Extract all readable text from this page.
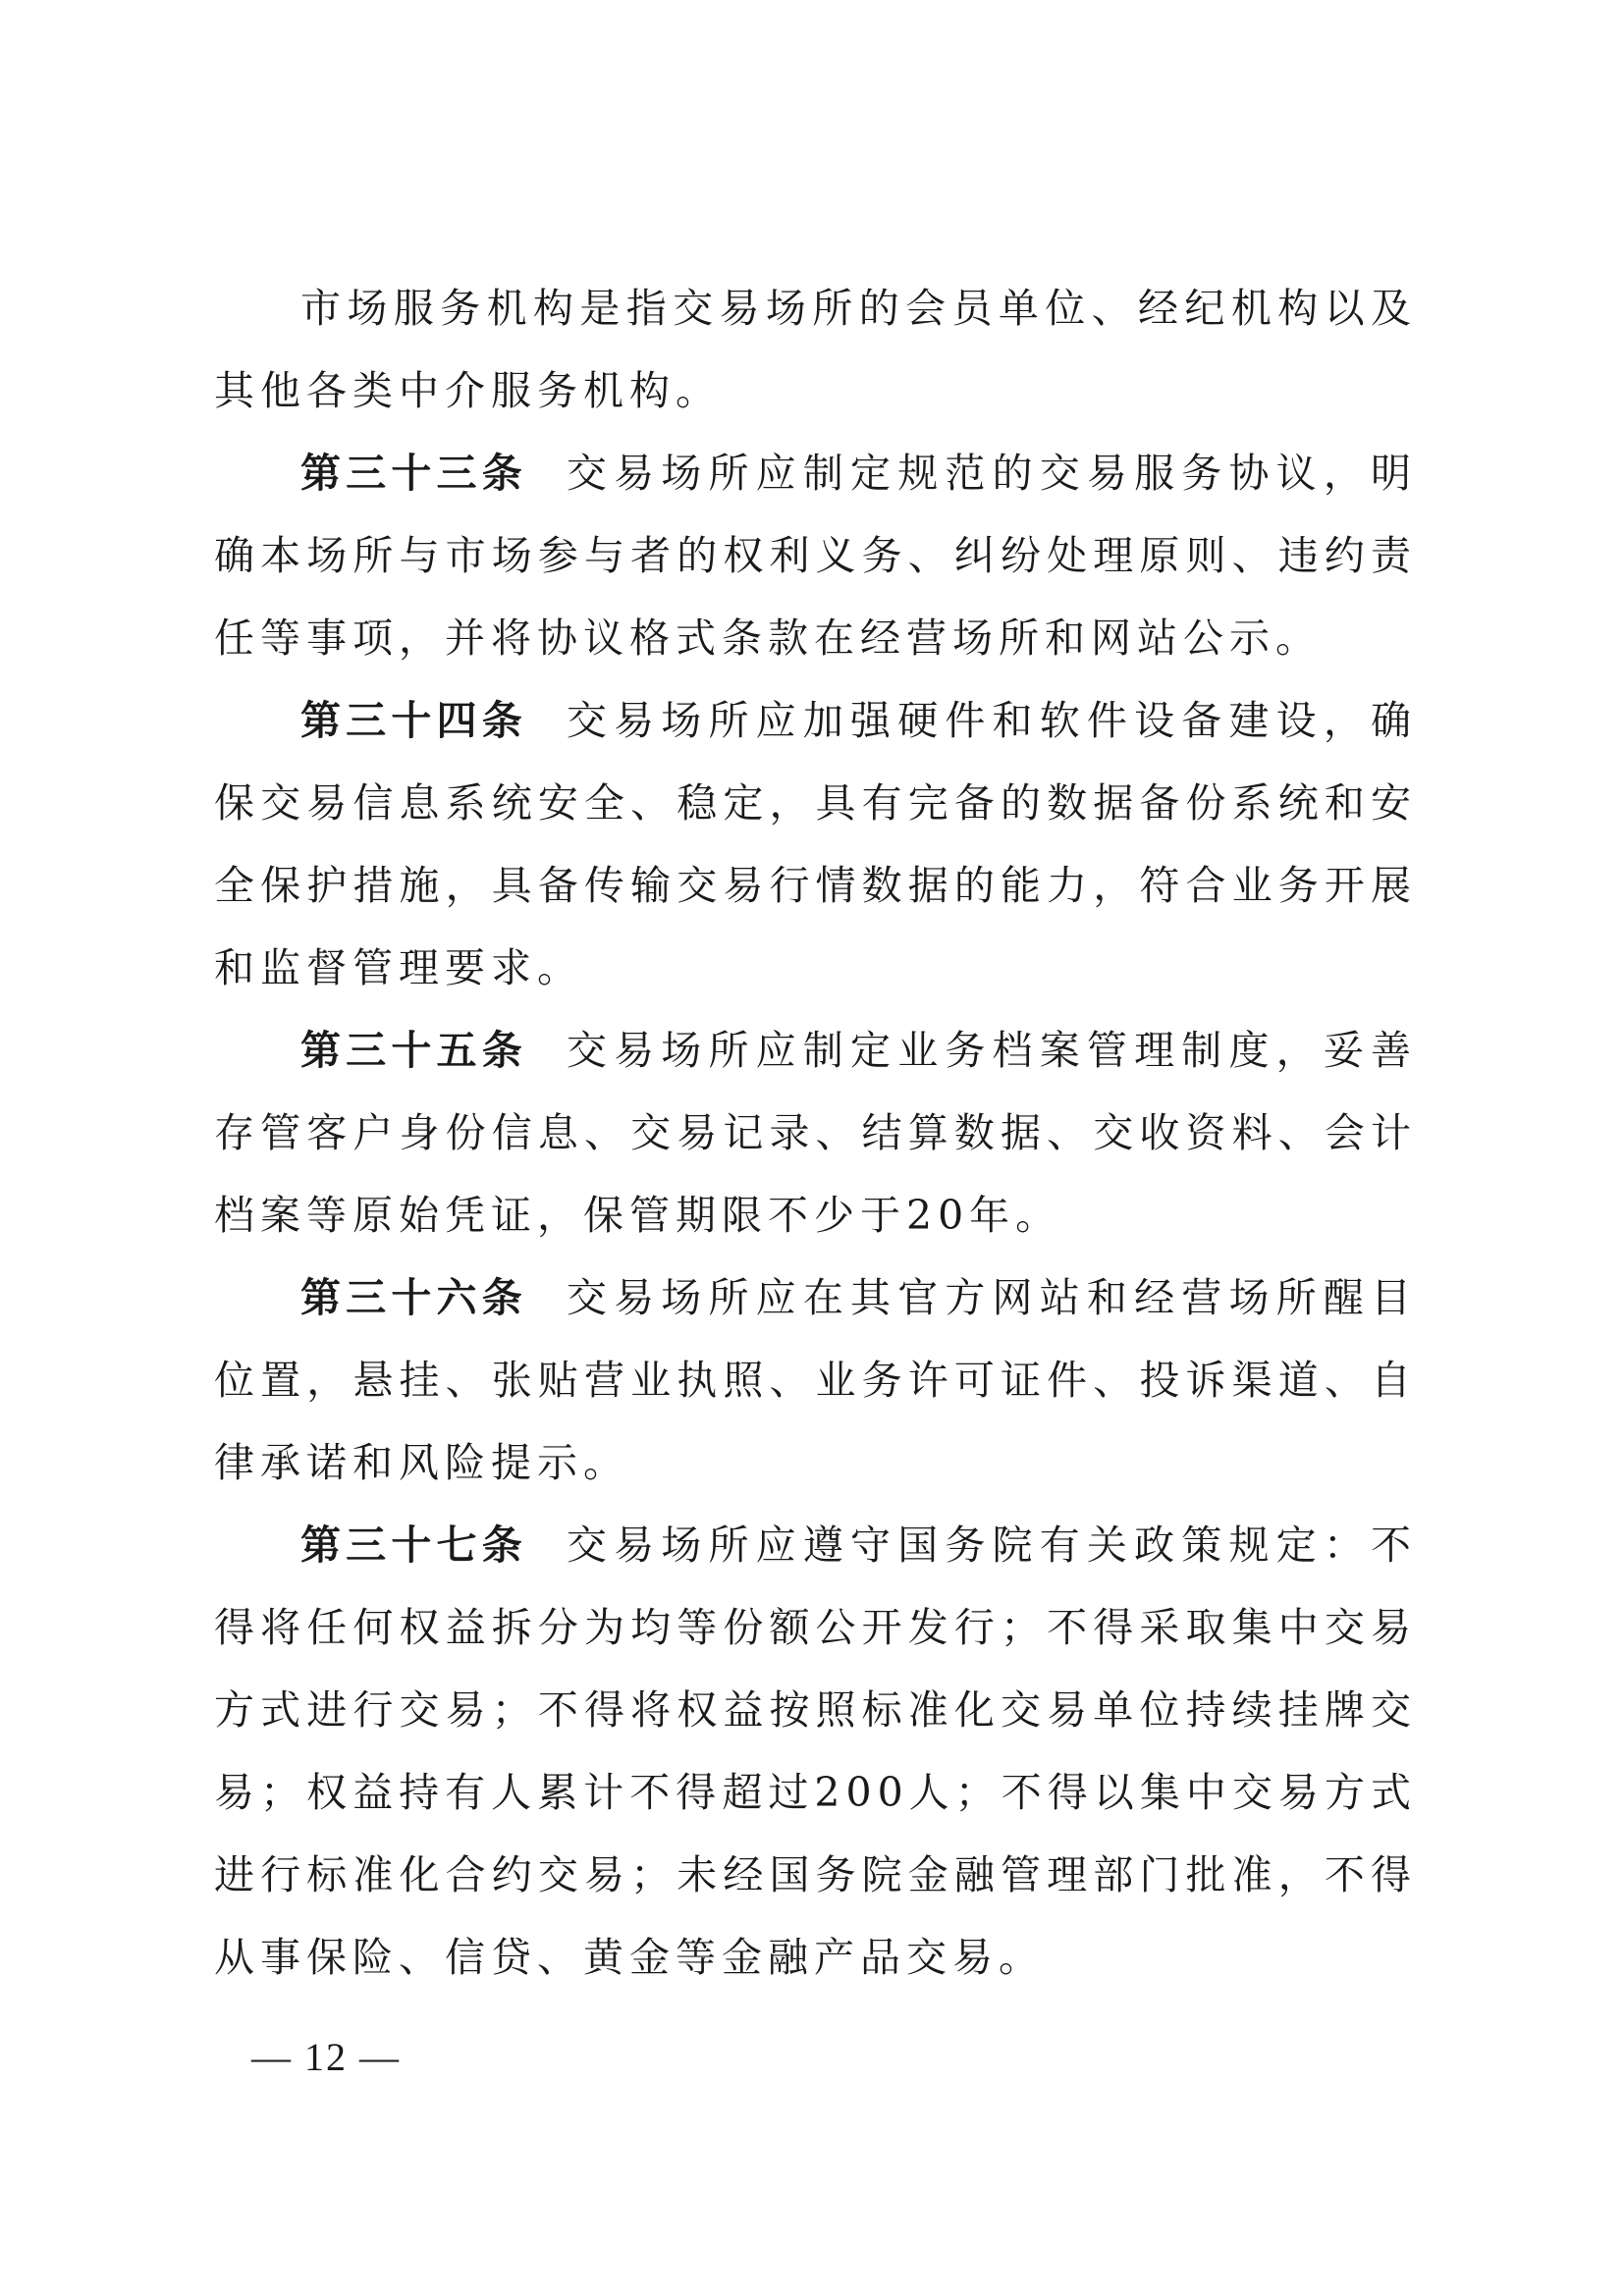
市场服务机构是指交易场所的会员单位、经纪机构以及其他各类中介服务机构。

第三十三条 交易场所应制定规范的交易服务协议，明确本场所与市场参与者的权利义务、纠纷处理原则、违约责任等事项，并将协议格式条款在经营场所和网站公示。

第三十四条 交易场所应加强硬件和软件设备建设，确保交易信息系统安全、稳定，具有完备的数据备份系统和安全保护措施，具备传输交易行情数据的能力，符合业务开展和监督管理要求。

第三十五条 交易场所应制定业务档案管理制度，妥善存管客户身份信息、交易记录、结算数据、交收资料、会计档案等原始凭证，保管期限不少于20年。

第三十六条 交易场所应在其官方网站和经营场所醒目位置，悬挂、张贴营业执照、业务许可证件、投诉渠道、自律承诺和风险提示。

第三十七条 交易场所应遵守国务院有关政策规定：不得将任何权益拆分为均等份额公开发行；不得采取集中交易方式进行交易；不得将权益按照标准化交易单位持续挂牌交易；权益持有人累计不得超过200人；不得以集中交易方式进行标准化合约交易；未经国务院金融管理部门批准，不得从事保险、信贷、黄金等金融产品交易。

— 12 —
